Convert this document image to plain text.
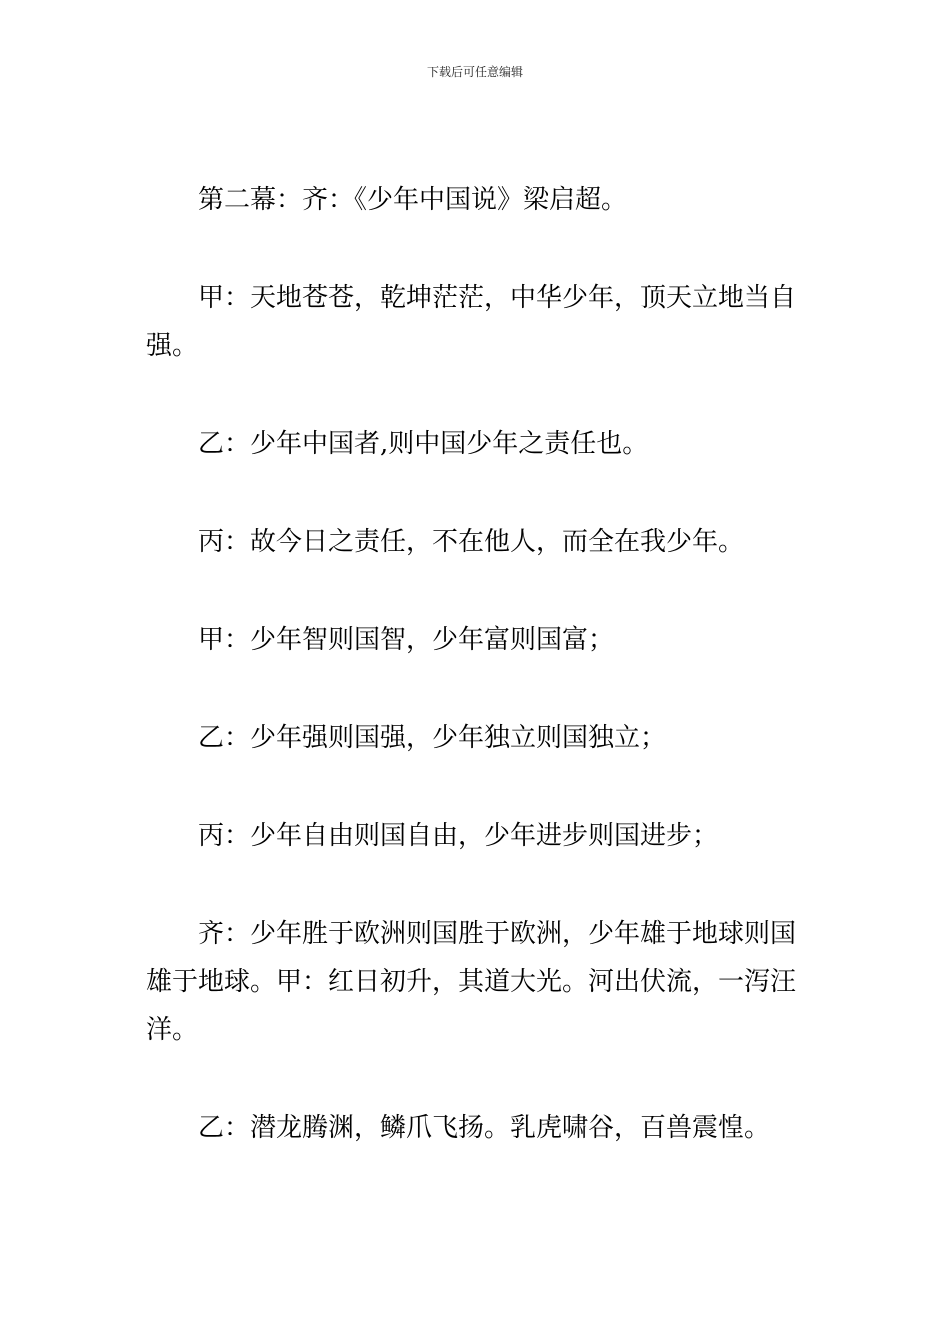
下载后可任意编辑

第二幕：齐：《少年中国说》梁启超。

甲：天地苍苍，乾坤茫茫，中华少年，顶天立地当自强。

乙：少年中国者,则中国少年之责任也。

丙：故今日之责任，不在他人，而全在我少年。

甲：少年智则国智，少年富则国富；

乙：少年强则国强，少年独立则国独立；

丙：少年自由则国自由，少年进步则国进步；

齐：少年胜于欧洲则国胜于欧洲，少年雄于地球则国雄于地球。甲：红日初升，其道大光。河出伏流，一泻汪洋。

乙：潜龙腾渊，鳞爪飞扬。乳虎啸谷，百兽震惶。
